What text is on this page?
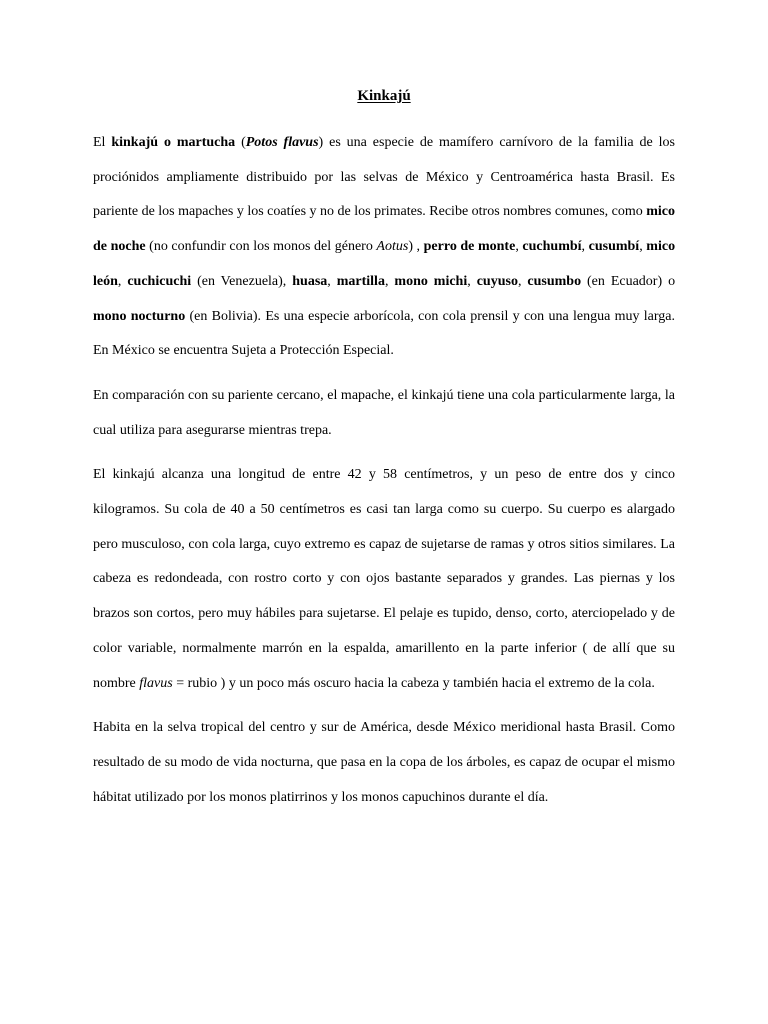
Kinkajú

El kinkajú o martucha (Potos flavus) es una especie de mamífero carnívoro de la familia de los prociónidos ampliamente distribuido por las selvas de México y Centroamérica hasta Brasil. Es pariente de los mapaches y los coatíes y no de los primates. Recibe otros nombres comunes, como mico de noche (no confundir con los monos del género Aotus) , perro de monte, cuchumbí, cusumbí, mico león, cuchicuchi (en Venezuela), huasa, martilla, mono michi, cuyuso, cusumbo (en Ecuador) o mono nocturno (en Bolivia). Es una especie arborícola, con cola prensil y con una lengua muy larga. En México se encuentra Sujeta a Protección Especial.

En comparación con su pariente cercano, el mapache, el kinkajú tiene una cola particularmente larga, la cual utiliza para asegurarse mientras trepa.

El kinkajú alcanza una longitud de entre 42 y 58 centímetros, y un peso de entre dos y cinco kilogramos. Su cola de 40 a 50 centímetros es casi tan larga como su cuerpo. Su cuerpo es alargado pero musculoso, con cola larga, cuyo extremo es capaz de sujetarse de ramas y otros sitios similares. La cabeza es redondeada, con rostro corto y con ojos bastante separados y grandes. Las piernas y los brazos son cortos, pero muy hábiles para sujetarse. El pelaje es tupido, denso, corto, aterciopelado y de color variable, normalmente marrón en la espalda, amarillento en la parte inferior ( de allí que su nombre flavus = rubio ) y un poco más oscuro hacia la cabeza y también hacia el extremo de la cola.

Habita en la selva tropical del centro y sur de América, desde México meridional hasta Brasil. Como resultado de su modo de vida nocturna, que pasa en la copa de los árboles, es capaz de ocupar el mismo hábitat utilizado por los monos platirrinos y los monos capuchinos durante el día.
